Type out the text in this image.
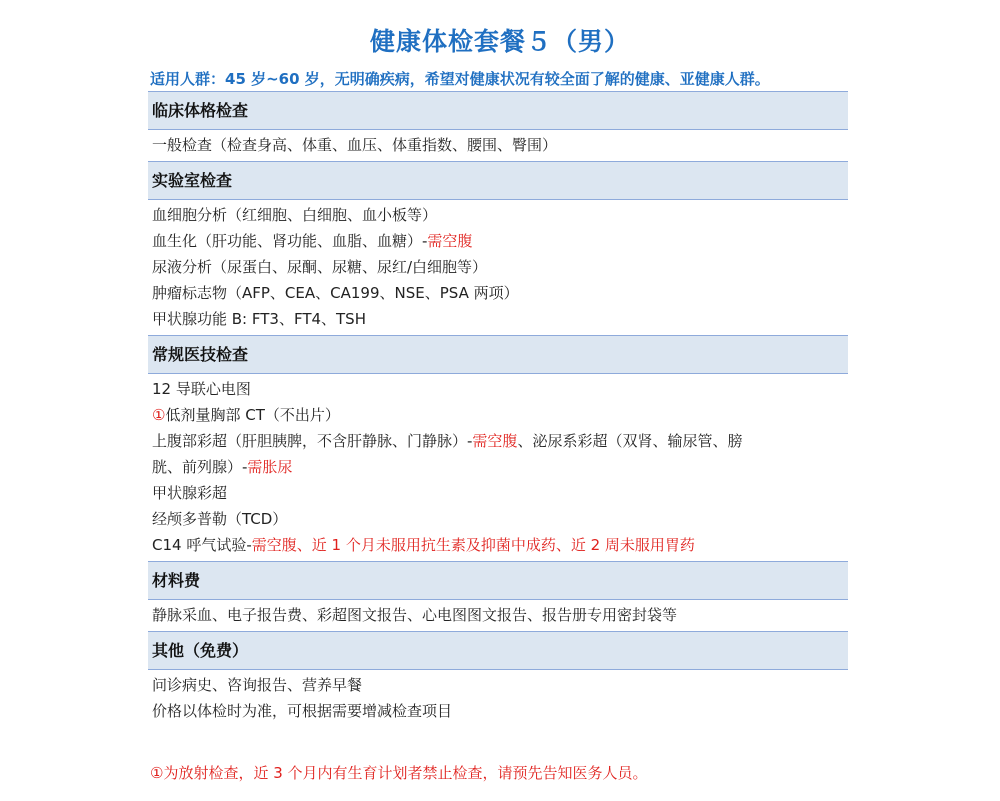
健康体检套餐５（男）
适用人群：45 岁~60 岁，无明确疾病，希望对健康状况有较全面了解的健康、亚健康人群。
临床体格检查
一般检查（检查身高、体重、血压、体重指数、腰围、臀围）
实验室检查
血细胞分析（红细胞、白细胞、血小板等）
血生化（肝功能、肾功能、血脂、血糖）-需空腹
尿液分析（尿蛋白、尿酮、尿糖、尿红/白细胞等）
肿瘤标志物（AFP、CEA、CA199、NSE、PSA 两项）
甲状腺功能 B: FT3、FT4、TSH
常规医技检查
12 导联心电图
①低剂量胸部 CT（不出片）
上腹部彩超（肝胆胰脾，不含肝静脉、门静脉）-需空腹、泌尿系彩超（双肾、输尿管、膀
胱、前列腺）-需胀尿
甲状腺彩超
经颅多普勒（TCD）
C14 呼气试验-需空腹、近 1 个月未服用抗生素及抑菌中成药、近 2 周未服用胃药
材料费
静脉采血、电子报告费、彩超图文报告、心电图图文报告、报告册专用密封袋等
其他（免费）
问诊病史、咨询报告、营养早餐
价格以体检时为准，可根据需要增减检查项目
①为放射检查，近 3 个月内有生育计划者禁止检查，请预先告知医务人员。
